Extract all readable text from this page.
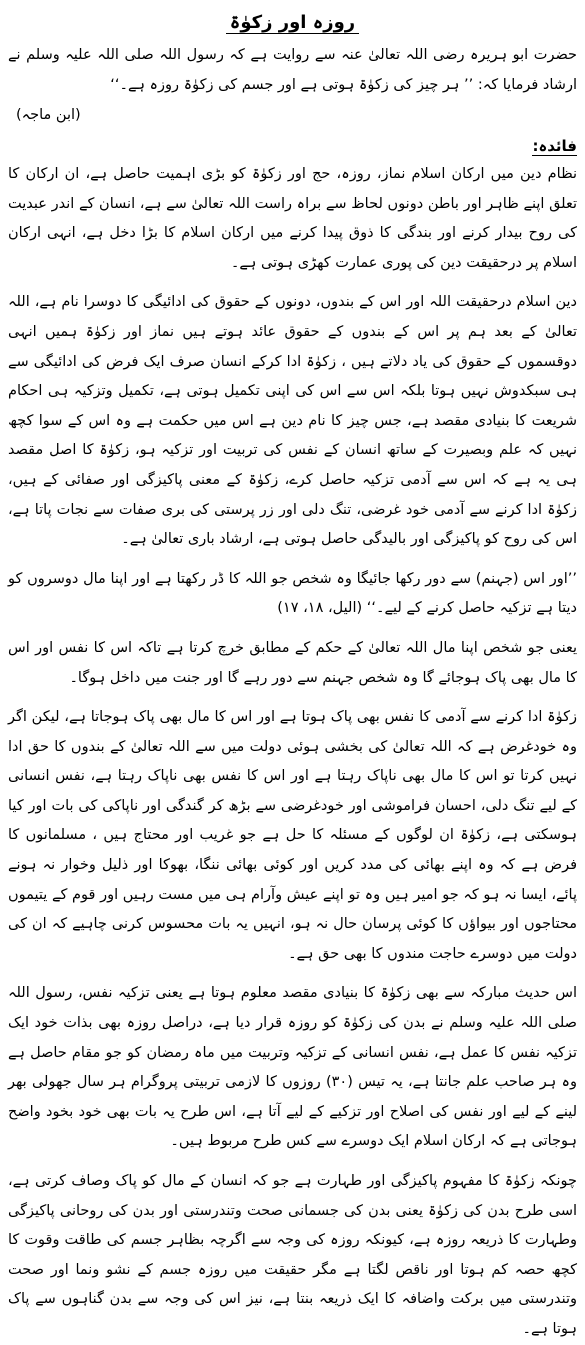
روزہ اور زکوٰۃ

حضرت ابو ہریرہ رضی اللہ تعالیٰ عنہ سے روایت ہے کہ رسول اللہ صلی اللہ علیہ وسلم نے ارشاد فرمایا کہ: ’’ ہر چیز کی زکوٰۃ ہوتی ہے اور جسم کی زکوٰۃ روزہ ہے۔‘‘

(ابن ماجہ)
فائدہ:

نظام دین میں ارکان اسلام نماز، روزہ، حج اور زکوٰۃ کو بڑی اہمیت حاصل ہے، ان ارکان کا تعلق اپنے ظاہر اور باطن دونوں لحاظ سے براہ راست اللہ تعالیٰ سے ہے، انسان کے اندر عبدیت کی روح بیدار کرنے اور بندگی کا ذوق پیدا کرنے میں ارکان اسلام کا بڑا دخل ہے، انہی ارکان اسلام پر درحقیقت دین کی پوری عمارت کھڑی ہوتی ہے۔

دین اسلام درحقیقت اللہ اور اس کے بندوں، دونوں کے حقوق کی ادائیگی کا دوسرا نام ہے، اللہ تعالیٰ کے بعد ہم پر اس کے بندوں کے حقوق عائد ہوتے ہیں نماز اور زکوٰۃ ہمیں انہی دوقسموں کے حقوق کی یاد دلاتے ہیں ، زکوٰۃ ادا کرکے انسان صرف ایک فرض کی ادائیگی سے ہی سبکدوش نہیں ہوتا بلکہ اس سے اس کی اپنی تکمیل ہوتی ہے، تکمیل وتزکیہ ہی احکام شریعت کا بنیادی مقصد ہے، جس چیز کا نام دین ہے اس میں حکمت ہے وہ اس کے سوا کچھ نہیں کہ علم وبصیرت کے ساتھ انسان کے نفس کی تربیت اور تزکیہ ہو، زکوٰۃ کا اصل مقصد ہی یہ ہے کہ اس سے آدمی تزکیہ حاصل کرے، زکوٰۃ کے معنی پاکیزگی اور صفائی کے ہیں، زکوٰۃ ادا کرنے سے آدمی خود غرضی، تنگ دلی اور زر پرستی کی بری صفات سے نجات پاتا ہے، اس کی روح کو پاکیزگی اور بالیدگی حاصل ہوتی ہے، ارشاد باری تعالیٰ ہے۔

’’اور اس (جہنم) سے دور رکھا جائیگا وہ شخص جو اللہ کا ڈر رکھتا ہے اور اپنا مال دوسروں کو دیتا ہے تزکیہ حاصل کرنے کے لیے۔‘‘ (الیل، ۱۸، ۱۷)

یعنی جو شخص اپنا مال اللہ تعالیٰ کے حکم کے مطابق خرچ کرتا ہے تاکہ اس کا نفس اور اس کا مال بھی پاک ہوجائے گا وہ شخص جہنم سے دور رہے گا اور جنت میں داخل ہوگا۔

زکوٰۃ ادا کرنے سے آدمی کا نفس بھی پاک ہوتا ہے اور اس کا مال بھی پاک ہوجاتا ہے، لیکن اگر وہ خودغرض ہے کہ اللہ تعالیٰ کی بخشی ہوئی دولت میں سے اللہ تعالیٰ کے بندوں کا حق ادا نہیں کرتا تو اس کا مال بھی ناپاک رہتا ہے اور اس کا نفس بھی ناپاک رہتا ہے، نفس انسانی کے لیے تنگ دلی، احسان فراموشی اور خودغرضی سے بڑھ کر گندگی اور ناپاکی کی بات اور کیا ہوسکتی ہے، زکوٰۃ ان لوگوں کے مسئلہ کا حل ہے جو غریب اور محتاج ہیں ، مسلمانوں کا فرض ہے کہ وہ اپنے بھائی کی مدد کریں اور کوئی بھائی ننگا، بھوکا اور ذلیل وخوار نہ ہونے پائے، ایسا نہ ہو کہ جو امیر ہیں وہ تو اپنے عیش وآرام ہی میں مست رہیں اور قوم کے یتیموں محتاجوں اور بیواؤں کا کوئی پرسان حال نہ ہو، انہیں یہ بات محسوس کرنی چاہیے کہ ان کی دولت میں دوسرے حاجت مندوں کا بھی حق ہے۔

اس حدیث مبارکہ سے بھی زکوٰۃ کا بنیادی مقصد معلوم ہوتا ہے یعنی تزکیہ نفس، رسول اللہ صلی اللہ علیہ وسلم نے بدن کی زکوٰۃ کو روزہ قرار دیا ہے، دراصل روزہ بھی بذات خود ایک تزکیہ نفس کا عمل ہے، نفس انسانی کے تزکیہ وتربیت میں ماہ رمضان کو جو مقام حاصل ہے وہ ہر صاحب علم جانتا ہے، یہ تیس (۳۰) روزوں کا لازمی تربیتی پروگرام ہر سال جھولی بھر لینے کے لیے اور نفس کی اصلاح اور تزکیے کے لیے آتا ہے، اس طرح یہ بات بھی خود بخود واضح ہوجاتی ہے کہ ارکان اسلام ایک دوسرے سے کس طرح مربوط ہیں۔

چونکہ زکوٰۃ کا مفہوم پاکیزگی اور طہارت ہے جو کہ انسان کے مال کو پاک وصاف کرتی ہے، اسی طرح بدن کی زکوٰۃ یعنی بدن کی جسمانی صحت وتندرستی اور بدن کی روحانی پاکیزگی وطہارت کا ذریعہ روزہ ہے، کیونکہ روزہ کی وجہ سے اگرچہ بظاہر جسم کی طاقت وقوت کا کچھ حصہ کم ہوتا اور ناقص لگتا ہے مگر حقیقت میں روزہ جسم کے نشو ونما اور صحت وتندرستی میں برکت واضافہ کا ایک ذریعہ بنتا ہے، نیز اس کی وجہ سے بدن گناہوں سے پاک ہوتا ہے۔
